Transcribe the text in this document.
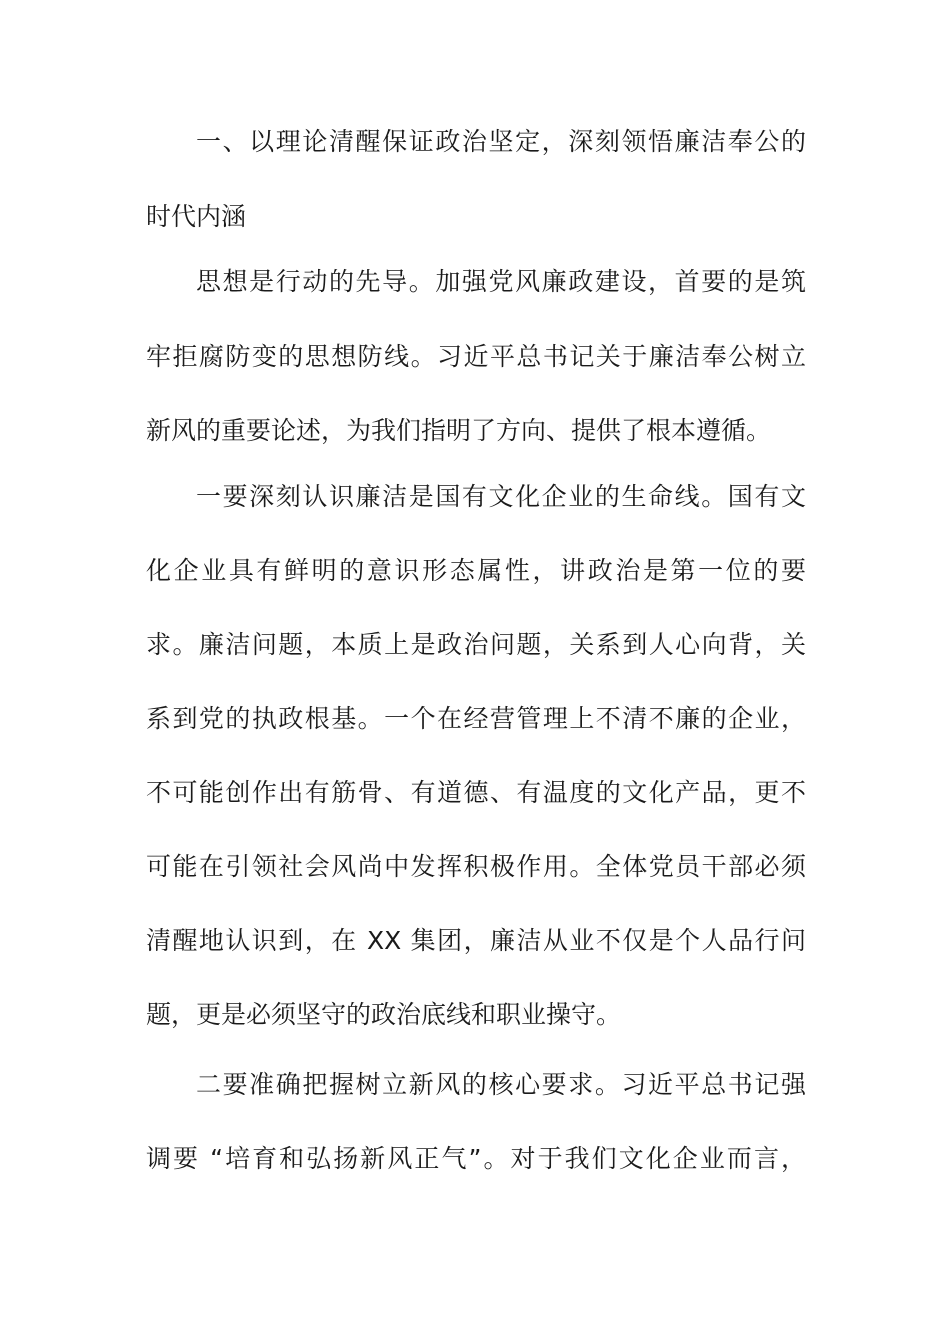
一、以理论清醒保证政治坚定，深刻领悟廉洁奉公的
时代内涵
思想是行动的先导。加强党风廉政建设，首要的是筑
牢拒腐防变的思想防线。习近平总书记关于廉洁奉公树立
新风的重要论述，为我们指明了方向、提供了根本遵循。
一要深刻认识廉洁是国有文化企业的生命线。国有文
化企业具有鲜明的意识形态属性，讲政治是第一位的要
求。廉洁问题，本质上是政治问题，关系到人心向背，关
系到党的执政根基。一个在经营管理上不清不廉的企业，
不可能创作出有筋骨、有道德、有温度的文化产品，更不
可能在引领社会风尚中发挥积极作用。全体党员干部必须
清醒地认识到，在 XX 集团，廉洁从业不仅是个人品行问
题，更是必须坚守的政治底线和职业操守。
二要准确把握树立新风的核心要求。习近平总书记强
调要 “培育和弘扬新风正气”。对于我们文化企业而言，
